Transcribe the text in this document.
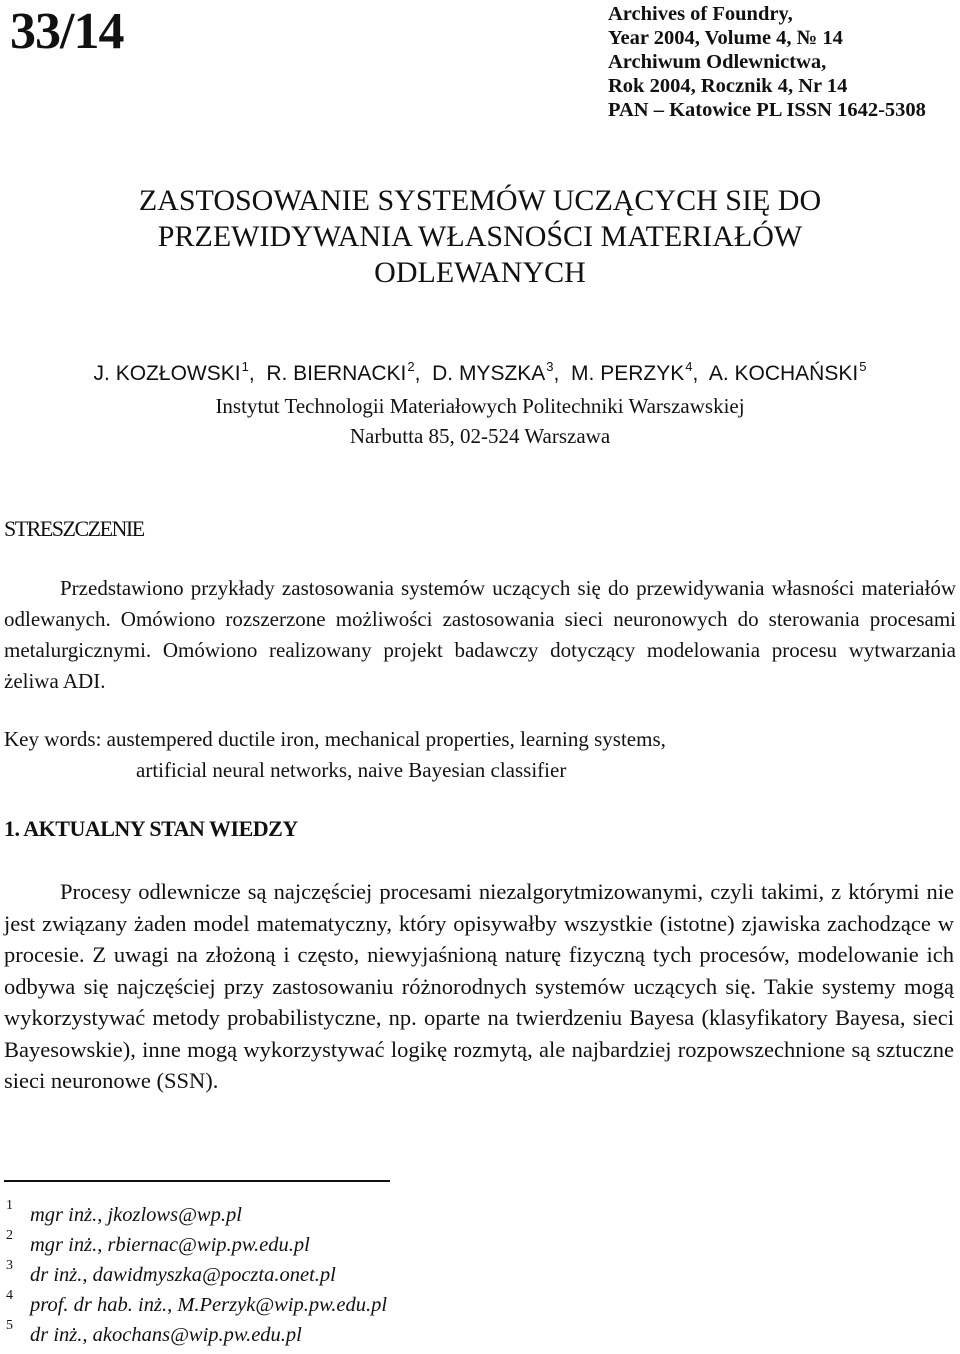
33/14	Archives of Foundry,
Year 2004, Volume 4, № 14
Archiwum Odlewnictwa,
Rok 2004, Rocznik 4, Nr 14
PAN – Katowice PL ISSN 1642-5308
ZASTOSOWANIE SYSTEMÓW UCZĄCYCH SIĘ DO
PRZEWIDYWANIA WŁASNOŚCI MATERIAŁÓW
ODLEWANYCH
J. KOZŁOWSKI$^1$,  R. BIERNACKI$^2$,  D. MYSZKA$^3$,  M. PERZYK$^4$,  A. KOCHAŃSKI$^5$
Instytut Technologii Materiałowych Politechniki Warszawskiej
Narbutta 85, 02-524 Warszawa
STRESZCZENIE

Przedstawiono przykłady zastosowania systemów uczących się do przewidywania własności materiałów odlewanych. Omówiono rozszerzone możliwości zastosowania sieci neuronowych do sterowania procesami metalurgicznymi. Omówiono realizowany projekt badawczy dotyczący modelowania procesu wytwarzania żeliwa ADI.

Key words: austempered ductile iron, mechanical properties, learning systems,
artificial neural networks, naive Bayesian classifier
1. AKTUALNY STAN WIEDZY

Procesy odlewnicze są najczęściej procesami niezalgorytmizowanymi, czyli takimi, z którymi nie jest związany żaden model matematyczny, który opisywałby wszystkie (istotne) zjawiska zachodzące w procesie. Z uwagi na złożoną i często, niewyjaśnioną naturę fizyczną tych procesów, modelowanie ich odbywa się najczęściej przy zastosowaniu różnorodnych systemów uczących się. Takie systemy mogą wykorzystywać metody probabilistyczne, np. oparte na twierdzeniu Bayesa (klasyfikatory Bayesa, sieci Bayesowskie), inne mogą wykorzystywać logikę rozmytą, ale najbardziej rozpowszechnione są sztuczne sieci neuronowe (SSN).

1 mgr inż., jkozlows@wp.pl
2 mgr inż., rbiernac@wip.pw.edu.pl
3 dr inż., dawidmyszka@poczta.onet.pl
4 prof. dr hab. inż., M.Perzyk@wip.pw.edu.pl
5 dr inż., akochans@wip.pw.edu.pl
